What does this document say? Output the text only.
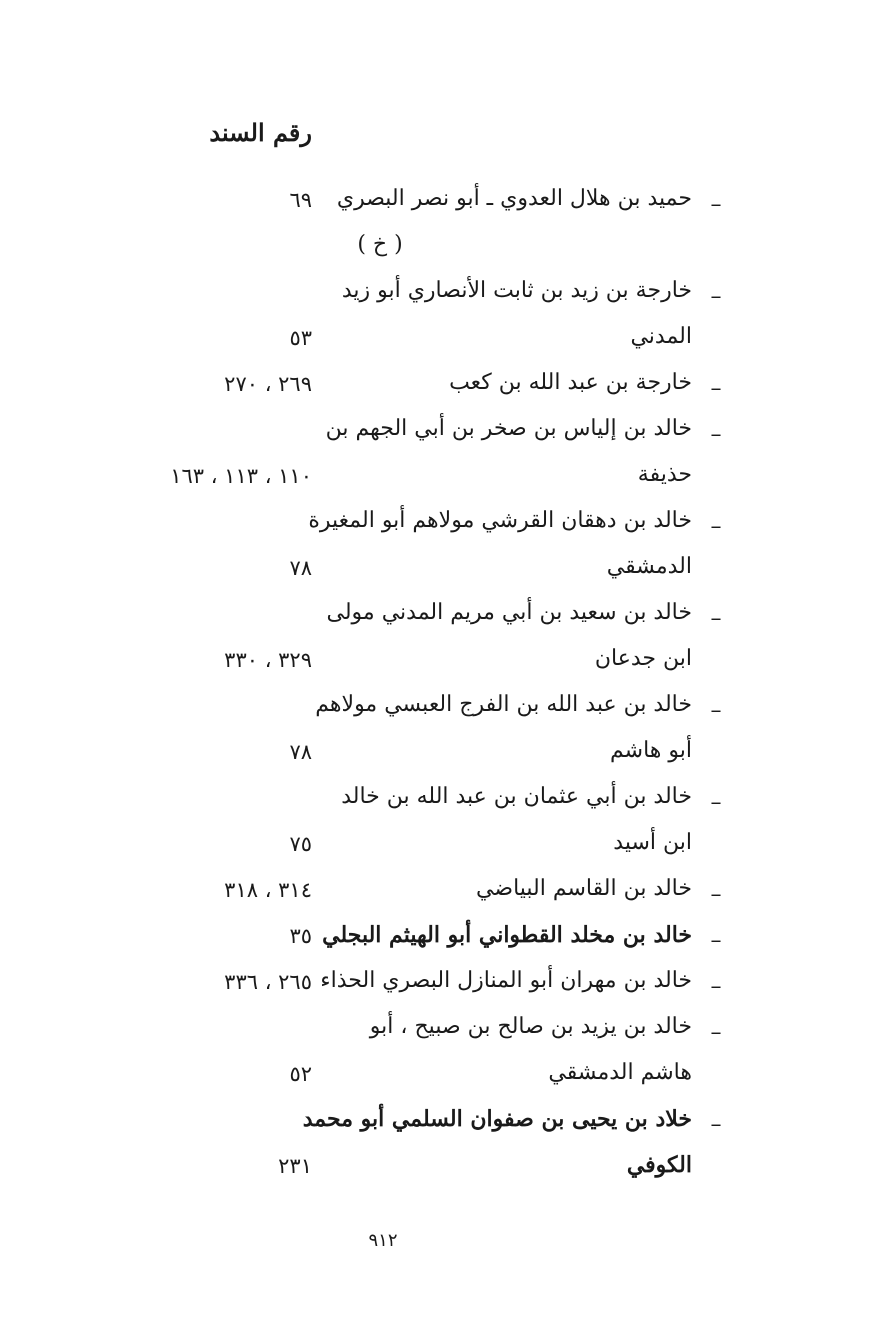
رقم السند
–
حميد بن هلال العدوي ـ أبو نصر البصري
٦٩
( خ )
–
خارجة بن زيد بن ثابت الأنصاري أبو زيد
المدني
٥٣
–
خارجة بن عبد الله بن كعب
٢٦٩ ، ٢٧٠
–
خالد بن إلياس بن صخر بن أبي الجهم بن
حذيفة
١١٠ ، ١١٣ ، ١٦٣
–
خالد بن دهقان القرشي مولاهم أبو المغيرة
الدمشقي
٧٨
–
خالد بن سعيد بن أبي مريم المدني مولى
ابن جدعان
٣٢٩ ، ٣٣٠
–
خالد بن عبد الله بن الفرج العبسي مولاهم
أبو هاشم
٧٨
–
خالد بن أبي عثمان بن عبد الله بن خالد
ابن أسيد
٧٥
–
خالد بن القاسم البياضي
٣١٤ ، ٣١٨
–
خالد بن مخلد القطواني أبو الهيثم البجلي
٣٥
–
خالد بن مهران أبو المنازل البصري الحذاء
٢٦٥ ، ٣٣٦
–
خالد بن يزيد بن صالح بن صبيح ، أبو
هاشم الدمشقي
٥٢
–
خلاد بن يحيى بن صفوان السلمي أبو محمد
الكوفي
٢٣١
٩١٢
